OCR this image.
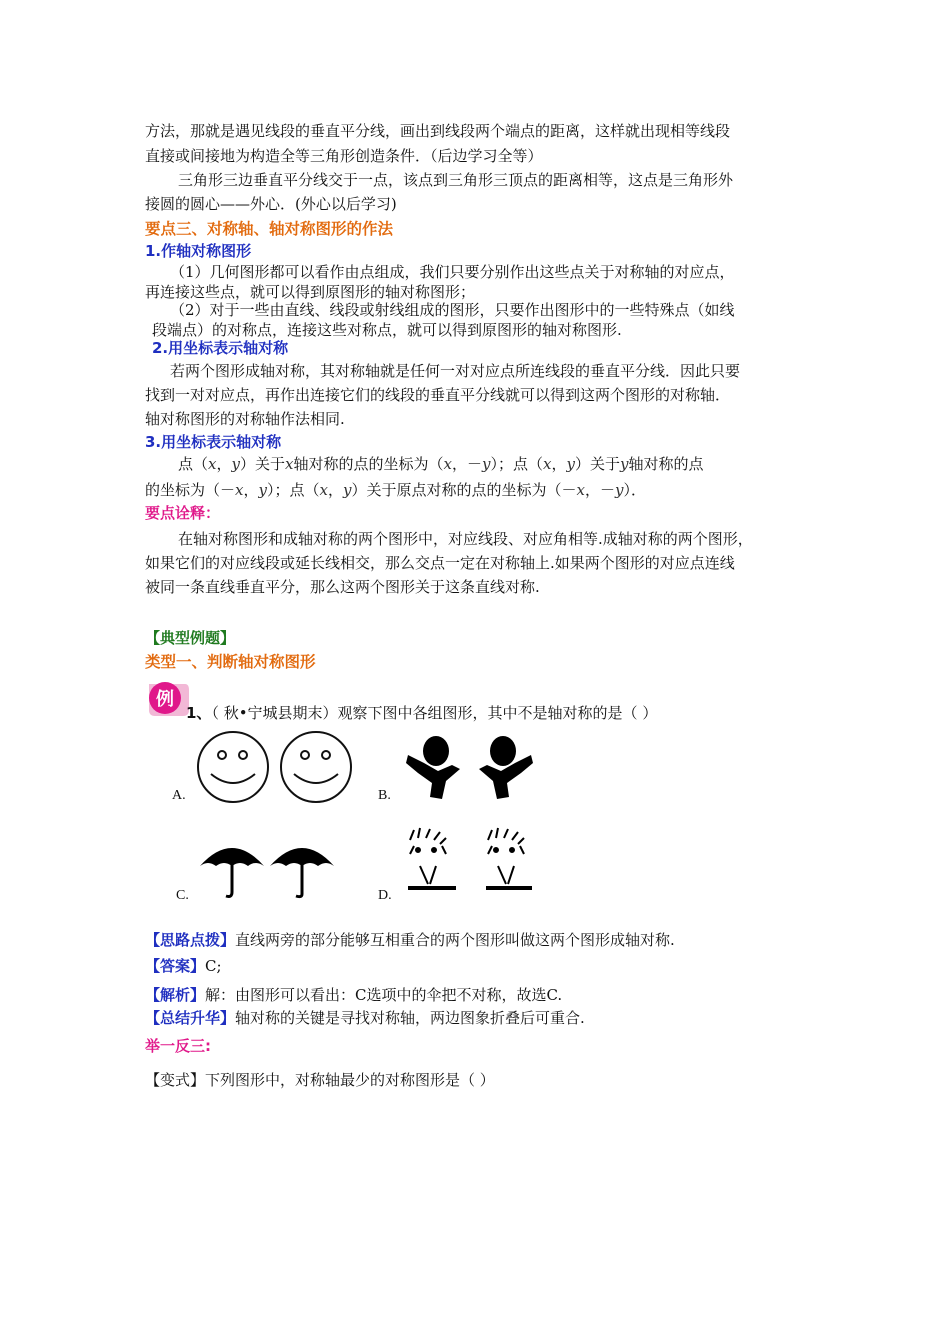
方法，那就是遇见线段的垂直平分线，画出到线段两个端点的距离，这样就出现相等线段
直接或间接地为构造全等三角形创造条件．（后边学习全等）
三角形三边垂直平分线交于一点，该点到三角形三顶点的距离相等，这点是三角形外
接圆的圆心——外心．(外心以后学习)
要点三、对称轴、轴对称图形的作法
1.作轴对称图形
（1）几何图形都可以看作由点组成，我们只要分别作出这些点关于对称轴的对应点，
再连接这些点，就可以得到原图形的轴对称图形；
（2）对于一些由直线、线段或射线组成的图形，只要作出图形中的一些特殊点（如线
段端点）的对称点，连接这些对称点，就可以得到原图形的轴对称图形.
2.用坐标表示轴对称
若两个图形成轴对称，其对称轴就是任何一对对应点所连线段的垂直平分线．因此只要
找到一对对应点，再作出连接它们的线段的垂直平分线就可以得到这两个图形的对称轴．
轴对称图形的对称轴作法相同.
3.用坐标表示轴对称
点（x，y）关于x轴对称的点的坐标为（x，－y）；点（x，y）关于y轴对称的点
的坐标为（－x，y）；点（x，y）关于原点对称的点的坐标为（－x，－y）．
要点诠释：
在轴对称图形和成轴对称的两个图形中，对应线段、对应角相等.成轴对称的两个图形，
如果它们的对应线段或延长线相交，那么交点一定在对称轴上.如果两个图形的对应点连线
被同一条直线垂直平分，那么这两个图形关于这条直线对称.
【典型例题】
类型一、判断轴对称图形
例
1、（ 秋•宁城县期末）观察下图中各组图形，其中不是轴对称的是（ ）
A.	B.
C.	D.
【思路点拨】直线两旁的部分能够互相重合的两个图形叫做这两个图形成轴对称.
【答案】C;
【解析】解：由图形可以看出：C选项中的伞把不对称，故选C.
【总结升华】轴对称的关键是寻找对称轴，两边图象折叠后可重合.
举一反三:
【变式】下列图形中，对称轴最少的对称图形是（ ）
